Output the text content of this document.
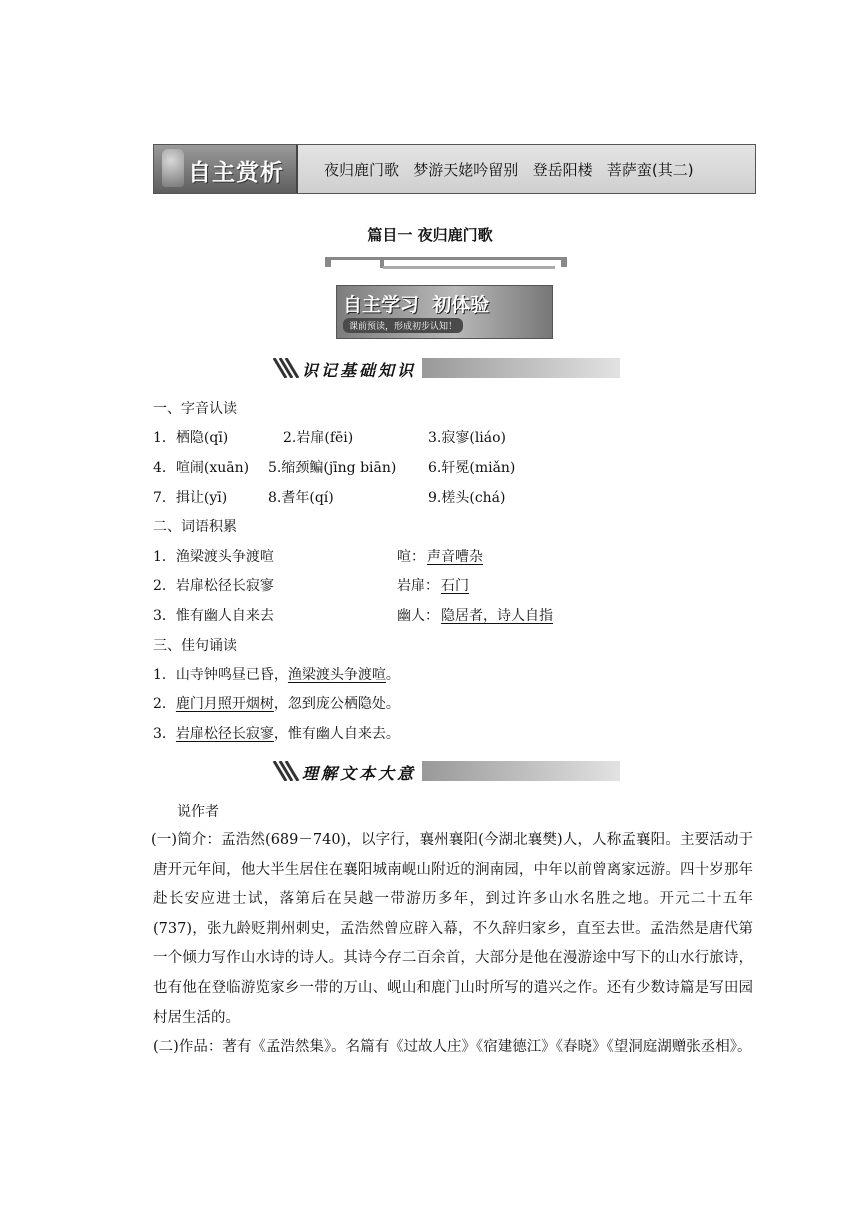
自主赏析	夜归鹿门歌   梦游天姥吟留别   登岳阳楼   菩萨蛮(其二)
篇目一 夜归鹿门歌
自主学习  初体验
课前预读，形成初步认知！
识记基础知识
一、字音认读
1．栖隐(qī)	2.岩扉(fēi)	3.寂寥(liáo)
4．喧闹(xuān) 5.缩颈鳊(jīng biān) 6.轩冕(miǎn)
7．揖让(yī)	8.耆年(qí)	9.槎头(chá)
二、词语积累
1．渔梁渡头争渡喧	喧： 声音嘈杂
2．岩扉松径长寂寥	岩扉： 石门
3．惟有幽人自来去	幽人： 隐居者，诗人自指
三、佳句诵读
1．山寺钟鸣昼已昏，渔梁渡头争渡喧。
2．鹿门月照开烟树，忽到庞公栖隐处。
3．岩扉松径长寂寥，惟有幽人自来去。
理解文本大意
说作者
(一)简介：孟浩然(689－740)，以字行，襄州襄阳(今湖北襄樊)人，人称孟襄阳。主要活动于唐开元年间，他大半生居住在襄阳城南岘山附近的涧南园，中年以前曾离家远游。四十岁那年赴长安应进士试，落第后在吴越一带游历多年，到过许多山水名胜之地。开元二十五年(737)，张九龄贬荆州刺史，孟浩然曾应辟入幕，不久辞归家乡，直至去世。孟浩然是唐代第一个倾力写作山水诗的诗人。其诗今存二百余首，大部分是他在漫游途中写下的山水行旅诗，也有他在登临游览家乡一带的万山、岘山和鹿门山时所写的遣兴之作。还有少数诗篇是写田园村居生活的。
(二)作品：著有《孟浩然集》。名篇有《过故人庄》《宿建德江》《春晓》《望洞庭湖赠张丞相》。
